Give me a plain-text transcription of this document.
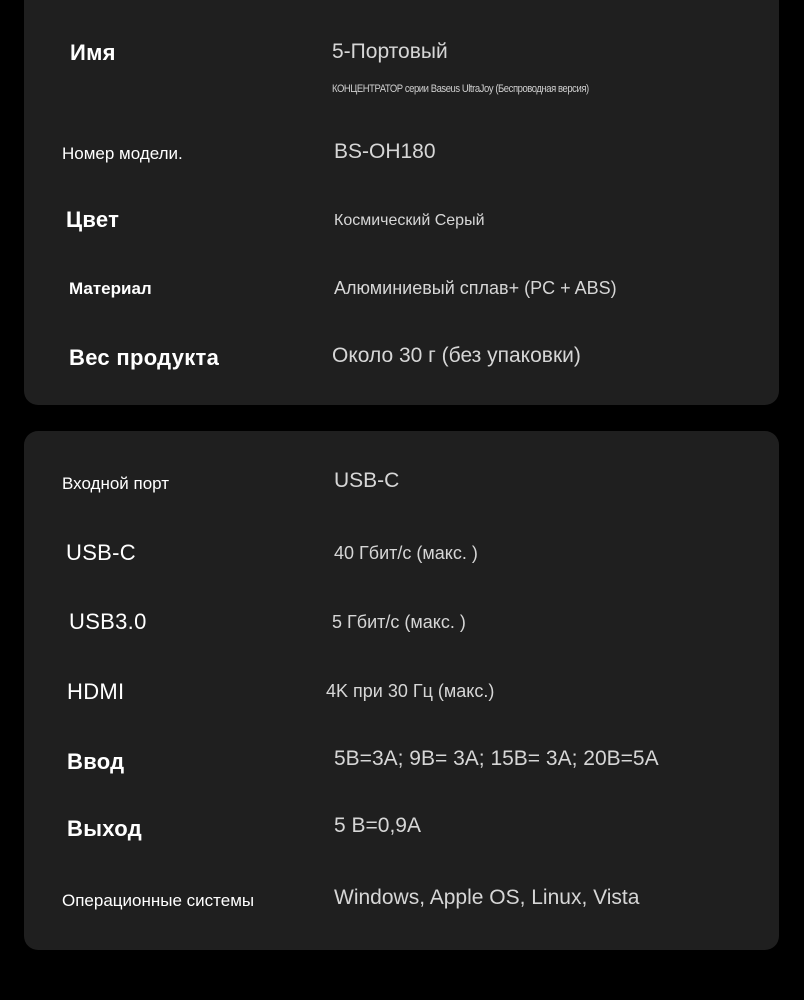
Имя	5-Портовый
КОНЦЕНТРАТОР серии Baseus UltraJoy (Беспроводная версия)
Номер модели.	BS-OH180
Цвет	Космический Серый
Материал	Алюминиевый сплав+ (PC + ABS)
Вес продукта	Около 30 г (без упаковки)
Входной порт	USB-C
USB-C	40 Гбит/с (макс. )
USB3.0	5 Гбит/с (макс. )
HDMI	4K при 30 Гц (макс.)
Ввод	5В=3А; 9В= 3А; 15В= 3А; 20В=5А
Выход	5 В=0,9А
Операционные системы	Windows, Apple OS, Linux, Vista
